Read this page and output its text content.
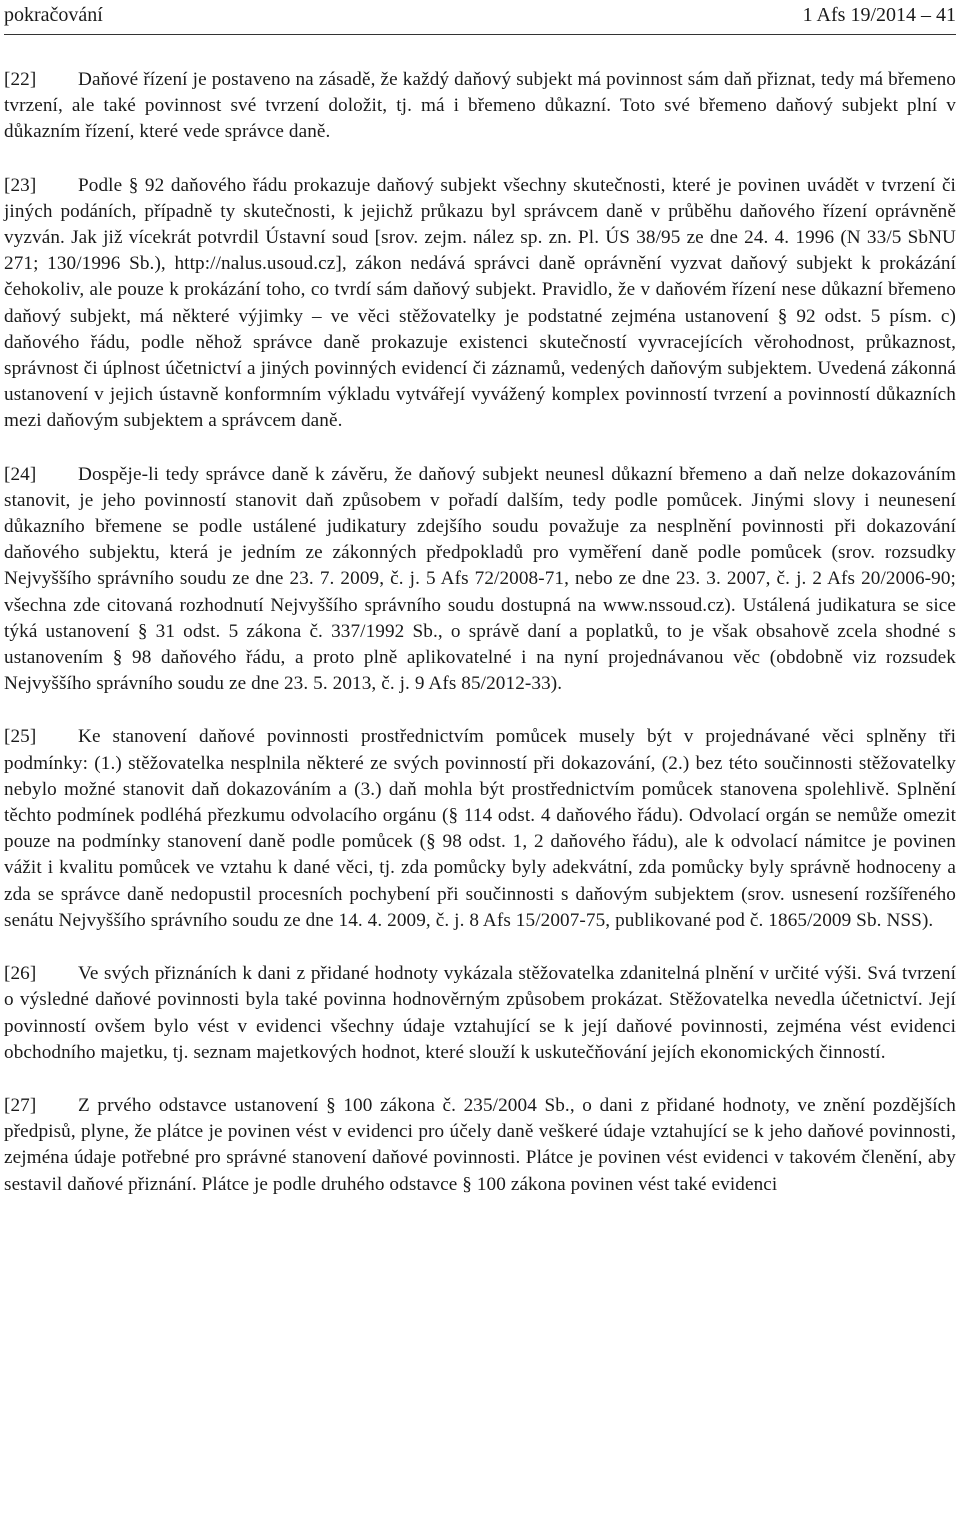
pokračování	1 Afs 19/2014 – 41

[22] Daňové řízení je postaveno na zásadě, že každý daňový subjekt má povinnost sám daň přiznat, tedy má břemeno tvrzení, ale také povinnost své tvrzení doložit, tj. má i břemeno důkazní. Toto své břemeno daňový subjekt plní v důkazním řízení, které vede správce daně.

[23] Podle § 92 daňového řádu prokazuje daňový subjekt všechny skutečnosti, které je povinen uvádět v tvrzení či jiných podáních, případně ty skutečnosti, k jejichž průkazu byl správcem daně v průběhu daňového řízení oprávněně vyzván. Jak již vícekrát potvrdil Ústavní soud [srov. zejm. nález sp. zn. Pl. ÚS 38/95 ze dne 24. 4. 1996 (N 33/5 SbNU 271; 130/1996 Sb.), http://nalus.usoud.cz], zákon nedává správci daně oprávnění vyzvat daňový subjekt k prokázání čehokoliv, ale pouze k prokázání toho, co tvrdí sám daňový subjekt. Pravidlo, že v daňovém řízení nese důkazní břemeno daňový subjekt, má některé výjimky – ve věci stěžovatelky je podstatné zejména ustanovení § 92 odst. 5 písm. c) daňového řádu, podle něhož správce daně prokazuje existenci skutečností vyvracejících věrohodnost, průkaznost, správnost či úplnost účetnictví a jiných povinných evidencí či záznamů, vedených daňovým subjektem. Uvedená zákonná ustanovení v jejich ústavně konformním výkladu vytvářejí vyvážený komplex povinností tvrzení a povinností důkazních mezi daňovým subjektem a správcem daně.

[24] Dospěje-li tedy správce daně k závěru, že daňový subjekt neunesl důkazní břemeno a daň nelze dokazováním stanovit, je jeho povinností stanovit daň způsobem v pořadí dalším, tedy podle pomůcek. Jinými slovy i neunesení důkazního břemene se podle ustálené judikatury zdejšího soudu považuje za nesplnění povinnosti při dokazování daňového subjektu, která je jedním ze zákonných předpokladů pro vyměření daně podle pomůcek (srov. rozsudky Nejvyššího správního soudu ze dne 23. 7. 2009, č. j. 5 Afs 72/2008-71, nebo ze dne 23. 3. 2007, č. j. 2 Afs 20/2006-90; všechna zde citovaná rozhodnutí Nejvyššího správního soudu dostupná na www.nssoud.cz). Ustálená judikatura se sice týká ustanovení § 31 odst. 5 zákona č. 337/1992 Sb., o správě daní a poplatků, to je však obsahově zcela shodné s ustanovením § 98 daňového řádu, a proto plně aplikovatelné i na nyní projednávanou věc (obdobně viz rozsudek Nejvyššího správního soudu ze dne 23. 5. 2013, č. j. 9 Afs 85/2012-33).

[25] Ke stanovení daňové povinnosti prostřednictvím pomůcek musely být v projednávané věci splněny tři podmínky: (1.) stěžovatelka nesplnila některé ze svých povinností při dokazování, (2.) bez této součinnosti stěžovatelky nebylo možné stanovit daň dokazováním a (3.) daň mohla být prostřednictvím pomůcek stanovena spolehlivě. Splnění těchto podmínek podléhá přezkumu odvolacího orgánu (§ 114 odst. 4 daňového řádu). Odvolací orgán se nemůže omezit pouze na podmínky stanovení daně podle pomůcek (§ 98 odst. 1, 2 daňového řádu), ale k odvolací námitce je povinen vážit i kvalitu pomůcek ve vztahu k dané věci, tj. zda pomůcky byly adekvátní, zda pomůcky byly správně hodnoceny a zda se správce daně nedopustil procesních pochybení při součinnosti s daňovým subjektem (srov. usnesení rozšířeného senátu Nejvyššího správního soudu ze dne 14. 4. 2009, č. j. 8 Afs 15/2007-75, publikované pod č. 1865/2009 Sb. NSS).

[26] Ve svých přiznáních k dani z přidané hodnoty vykázala stěžovatelka zdanitelná plnění v určité výši. Svá tvrzení o výsledné daňové povinnosti byla také povinna hodnověrným způsobem prokázat. Stěžovatelka nevedla účetnictví. Její povinností ovšem bylo vést v evidenci všechny údaje vztahující se k její daňové povinnosti, zejména vést evidenci obchodního majetku, tj. seznam majetkových hodnot, které slouží k uskutečňování jejích ekonomických činností.

[27] Z prvého odstavce ustanovení § 100 zákona č. 235/2004 Sb., o dani z přidané hodnoty, ve znění pozdějších předpisů, plyne, že plátce je povinen vést v evidenci pro účely daně veškeré údaje vztahující se k jeho daňové povinnosti, zejména údaje potřebné pro správné stanovení daňové povinnosti. Plátce je povinen vést evidenci v takovém členění, aby sestavil daňové přiznání. Plátce je podle druhého odstavce § 100 zákona povinen vést také evidenci
